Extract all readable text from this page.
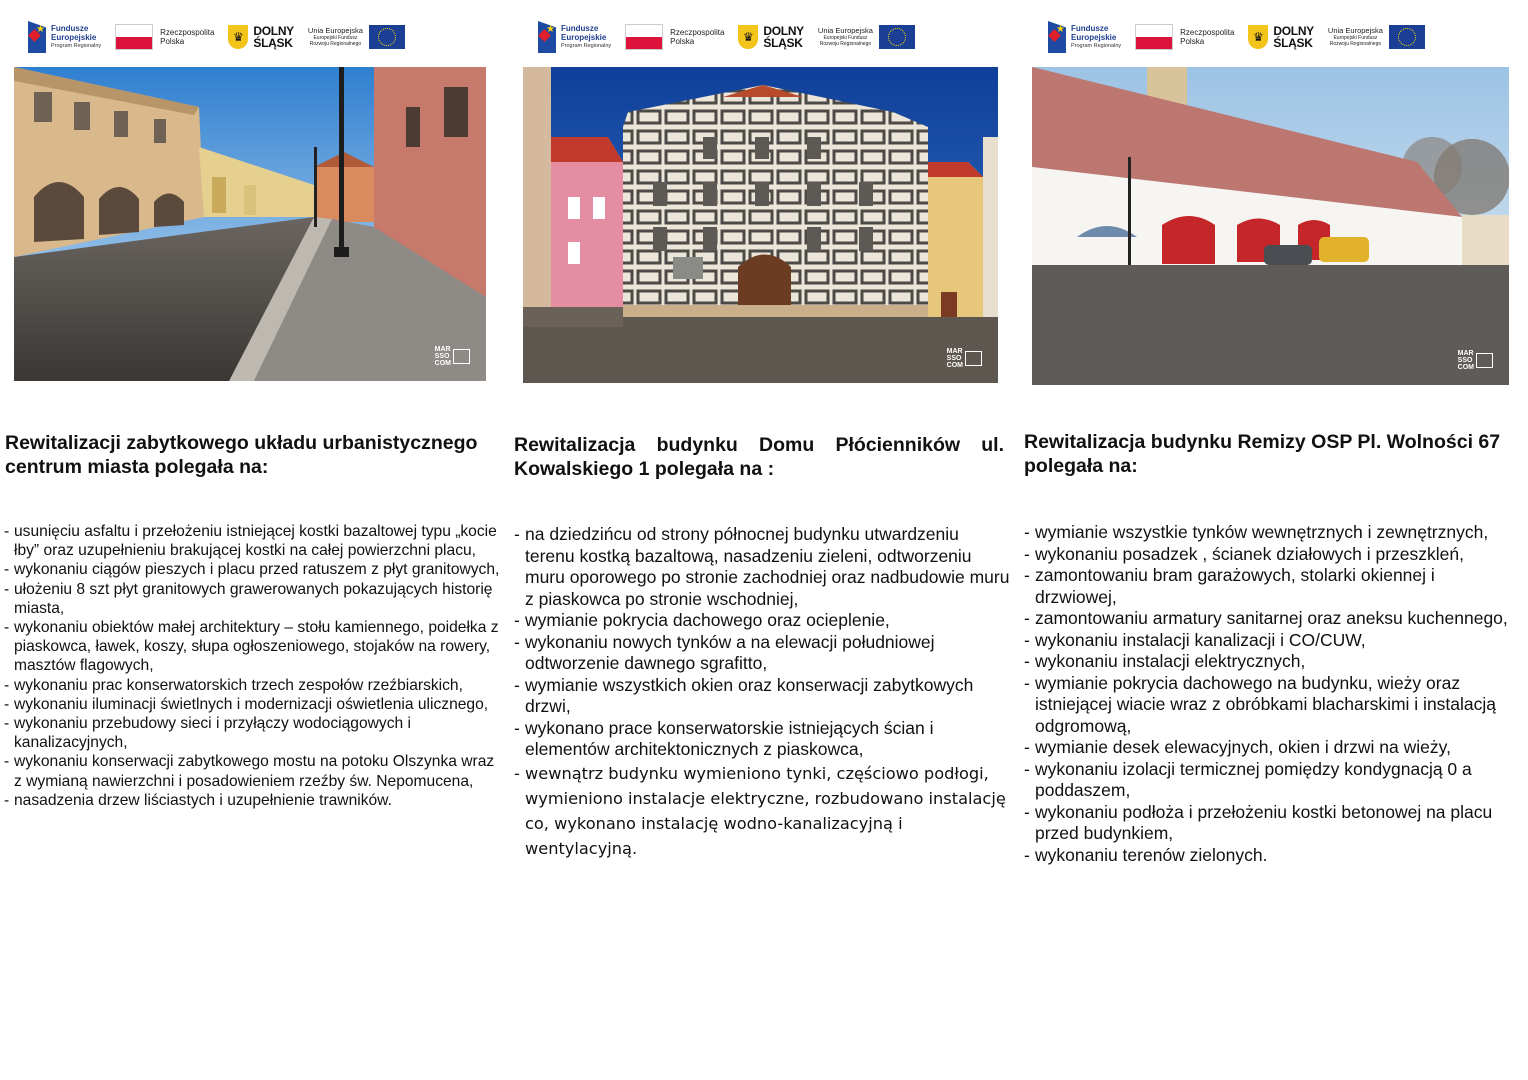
★ Fundusze
Europejskie
Program Regionalny
Rzeczpospolita
Polska	♛ DOLNY
ŚLĄSK
Unia Europejska
Europejski Fundusz
Rozwoju Regionalnego
MAR
SSO
COM
Rewitalizacji zabytkowego układu urbanistycznego centrum miasta polegała na:
- usunięciu asfaltu i przełożeniu istniejącej kostki bazaltowej typu „kocie łby” oraz uzupełnieniu brakującej kostki na całej powierzchni placu,
- wykonaniu ciągów pieszych i placu przed ratuszem z płyt granitowych,
- ułożeniu 8 szt płyt granitowych grawerowanych pokazujących historię miasta,
- wykonaniu obiektów małej architektury – stołu kamiennego, poidełka z piaskowca, ławek, koszy, słupa ogłoszeniowego, stojaków na rowery, masztów flagowych,
- wykonaniu prac konserwatorskich trzech zespołów rzeźbiarskich,
- wykonaniu iluminacji świetlnych i modernizacji oświetlenia ulicznego,
- wykonaniu przebudowy sieci i przyłączy wodociągowych i kanalizacyjnych,
- wykonaniu konserwacji zabytkowego mostu na potoku Olszynka wraz z wymianą nawierzchni i posadowieniem rzeźby św. Nepomucena,
- nasadzenia drzew liściastych i uzupełnienie trawników.
★ Fundusze
Europejskie
Program Regionalny
Rzeczpospolita
Polska	♛ DOLNY
ŚLĄSK
Unia Europejska
Europejski Fundusz
Rozwoju Regionalnego
MAR
SSO
COM
Rewitalizacja budynku Domu Płócienników ul. Kowalskiego 1 polegała na :
- na dziedzińcu od strony północnej budynku utwardzeniu terenu kostką bazaltową, nasadzeniu zieleni, odtworzeniu muru oporowego po stronie zachodniej oraz nadbudowie muru z piaskowca po stronie wschodniej,
- wymianie pokrycia dachowego oraz ocieplenie,
- wykonaniu nowych tynków a na elewacji południowej odtworzenie dawnego sgrafitto,
- wymianie wszystkich okien oraz konserwacji zabytkowych drzwi,
- wykonano prace konserwatorskie istniejących ścian i elementów architektonicznych z piaskowca,
- wewnątrz budynku wymieniono tynki, częściowo podłogi, wymieniono instalacje elektryczne, rozbudowano instalację co, wykonano instalację wodno-kanalizacyjną i wentylacyjną.
★ Fundusze
Europejskie
Program Regionalny
Rzeczpospolita
Polska	♛ DOLNY
ŚLĄSK
Unia Europejska
Europejski Fundusz
Rozwoju Regionalnego
MAR
SSO
COM
Rewitalizacja budynku Remizy OSP Pl. Wolności 67 polegała na:
- wymianie wszystkie tynków wewnętrznych i zewnętrznych,
- wykonaniu posadzek , ścianek działowych i przeszkleń,
- zamontowaniu bram garażowych, stolarki okiennej i drzwiowej,
- zamontowaniu armatury sanitarnej oraz aneksu kuchennego,
- wykonaniu instalacji kanalizacji i CO/CUW,
- wykonaniu instalacji elektrycznych,
- wymianie pokrycia dachowego na budynku, wieży oraz istniejącej wiacie wraz z obróbkami blacharskimi i instalacją odgromową,
- wymianie desek elewacyjnych, okien i drzwi na wieży,
- wykonaniu izolacji termicznej pomiędzy kondygnacją 0 a poddaszem,
- wykonaniu podłoża i przełożeniu kostki betonowej na placu przed budynkiem,
- wykonaniu terenów zielonych.
